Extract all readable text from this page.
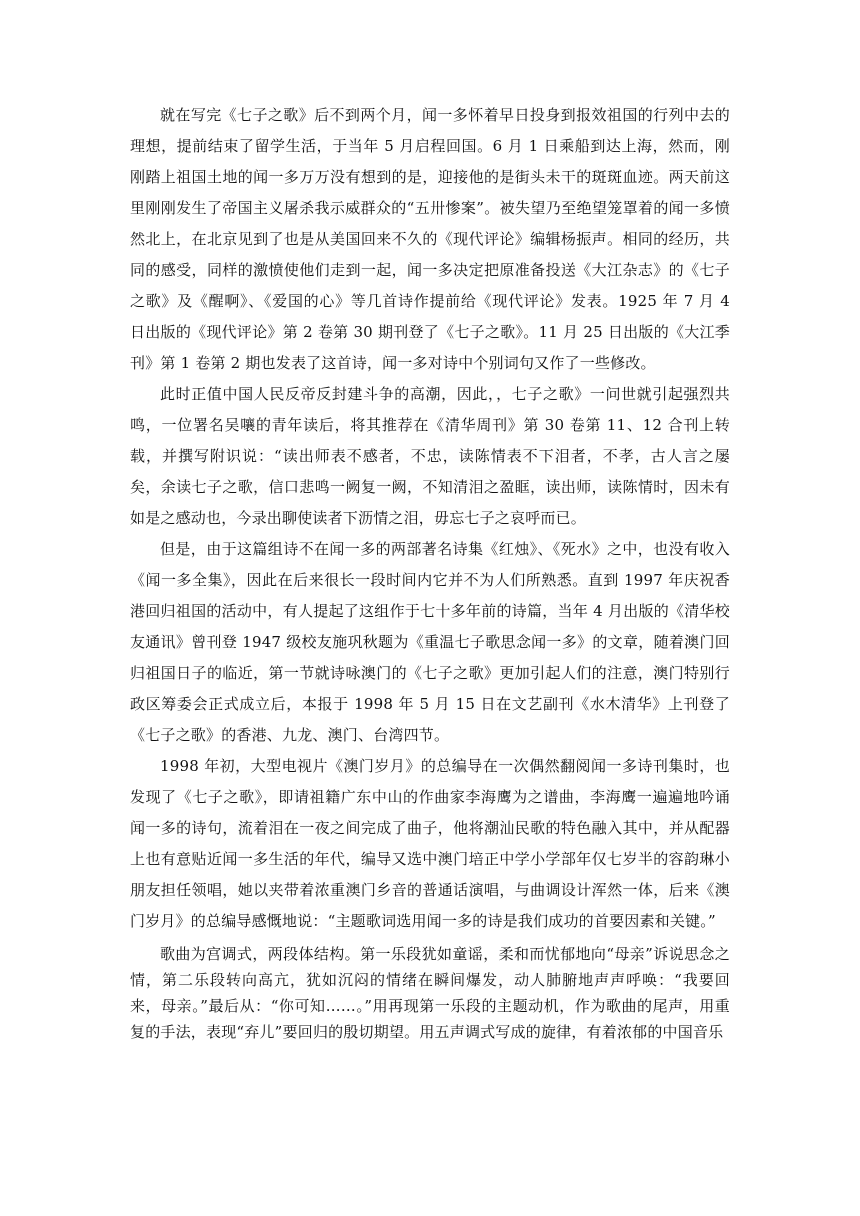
就在写完《七子之歌》后不到两个月，闻一多怀着早日投身到报效祖国的行列中去的理想，提前结束了留学生活，于当年 5 月启程回国。6 月 1 日乘船到达上海，然而，刚刚踏上祖国土地的闻一多万万没有想到的是，迎接他的是街头未干的斑斑血迹。两天前这里刚刚发生了帝国主义屠杀我示威群众的“五卅惨案”。被失望乃至绝望笼罩着的闻一多愤然北上，在北京见到了也是从美国回来不久的《现代评论》编辑杨振声。相同的经历，共同的感受，同样的激愤使他们走到一起，闻一多决定把原准备投送《大江杂志》的《七子之歌》及《醒啊》、《爱国的心》等几首诗作提前给《现代评论》发表。1925 年 7 月 4 日出版的《现代评论》第 2 卷第 30 期刊登了《七子之歌》。11 月 25 日出版的《大江季刊》第 1 卷第 2 期也发表了这首诗，闻一多对诗中个别词句又作了一些修改。

此时正值中国人民反帝反封建斗争的高潮，因此，，七子之歌》一问世就引起强烈共鸣，一位署名吴嚷的青年读后，将其推荐在《清华周刊》第 30 卷第 11、12 合刊上转载，并撰写附识说：“读出师表不感者，不忠，读陈情表不下泪者，不孝，古人言之屡矣，余读七子之歌，信口悲鸣一阙复一阙，不知清泪之盈眶，读出师，读陈情时，因未有如是之感动也，今录出聊使读者下沥情之泪，毋忘七子之哀呼而已。

但是，由于这篇组诗不在闻一多的两部著名诗集《红烛》、《死水》之中，也没有收入《闻一多全集》，因此在后来很长一段时间内它并不为人们所熟悉。直到 1997 年庆祝香港回归祖国的活动中，有人提起了这组作于七十多年前的诗篇，当年 4 月出版的《清华校友通讯》曾刊登 1947 级校友施巩秋题为《重温七子歌思念闻一多》的文章，随着澳门回归祖国日子的临近，第一节就诗咏澳门的《七子之歌》更加引起人们的注意，澳门特别行政区筹委会正式成立后，本报于 1998 年 5 月 15 日在文艺副刊《水木清华》上刊登了《七子之歌》的香港、九龙、澳门、台湾四节。

1998 年初，大型电视片《澳门岁月》的总编导在一次偶然翻阅闻一多诗刊集时，也发现了《七子之歌》，即请祖籍广东中山的作曲家李海鹰为之谱曲，李海鹰一遍遍地吟诵闻一多的诗句，流着泪在一夜之间完成了曲子，他将潮汕民歌的特色融入其中，并从配器上也有意贴近闻一多生活的年代，编导又选中澳门培正中学小学部年仅七岁半的容韵琳小朋友担任领唱，她以夹带着浓重澳门乡音的普通话演唱，与曲调设计浑然一体，后来《澳门岁月》的总编导感慨地说：“主题歌词选用闻一多的诗是我们成功的首要因素和关键。”

歌曲为宫调式，两段体结构。第一乐段犹如童谣，柔和而忧郁地向“母亲”诉说思念之情，第二乐段转向高亢，犹如沉闷的情绪在瞬间爆发，动人肺腑地声声呼唤：“我要回来，母亲。”最后从：“你可知……。”用再现第一乐段的主题动机，作为歌曲的尾声，用重复的手法，表现“弃儿”要回归的殷切期望。用五声调式写成的旋律，有着浓郁的中国音乐
